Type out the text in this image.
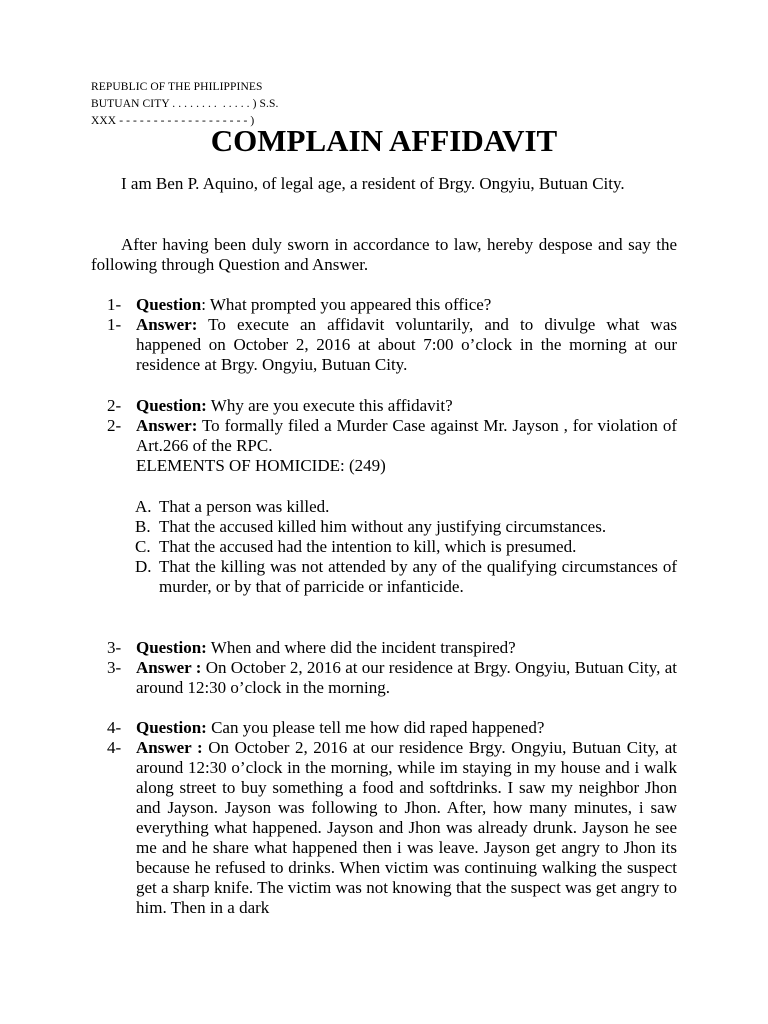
REPUBLIC OF THE PHILIPPINES
BUTUAN CITY . . . . . . . .  . . . . . ) S.S.
XXX - - - - - - - - - - - - - - - - - - - )
COMPLAIN AFFIDAVIT
I am Ben P. Aquino, of legal age, a resident of Brgy. Ongyiu, Butuan City.
After having been duly sworn in accordance to law, hereby despose and say the following through Question and Answer.
1- Question: What prompted you appeared this office?
1- Answer: To execute an affidavit voluntarily, and to divulge what was happened on October 2, 2016 at about 7:00 o’clock in the morning at our residence at Brgy. Ongyiu, Butuan City.
2- Question: Why are you execute this affidavit?
2- Answer: To formally filed a Murder Case against Mr. Jayson , for violation of Art.266 of the RPC.
ELEMENTS OF HOMICIDE: (249)
A. That a person was killed.
B. That the accused killed him without any justifying circumstances.
C. That the accused had the intention to kill, which is presumed.
D. That the killing was not attended by any of the qualifying circumstances of murder, or by that of parricide or infanticide.
3- Question: When and where did the incident transpired?
3- Answer : On October 2, 2016 at our residence at Brgy. Ongyiu, Butuan City, at around 12:30 o’clock in the morning.
4- Question: Can you please tell me how did raped happened?
4- Answer : On October 2, 2016 at our residence Brgy. Ongyiu, Butuan City, at around 12:30 o’clock in the morning, while im staying in my house and i walk along street to buy something a food and softdrinks. I saw my neighbor Jhon and Jayson. Jayson was following to Jhon. After, how many minutes, i saw everything what happened. Jayson and Jhon was already drunk. Jayson he see me and he share what happened then i was leave. Jayson get angry to Jhon its because he refused to drinks. When victim was continuing walking the suspect get a sharp knife. The victim was not knowing that the suspect was get angry to him. Then in a dark
